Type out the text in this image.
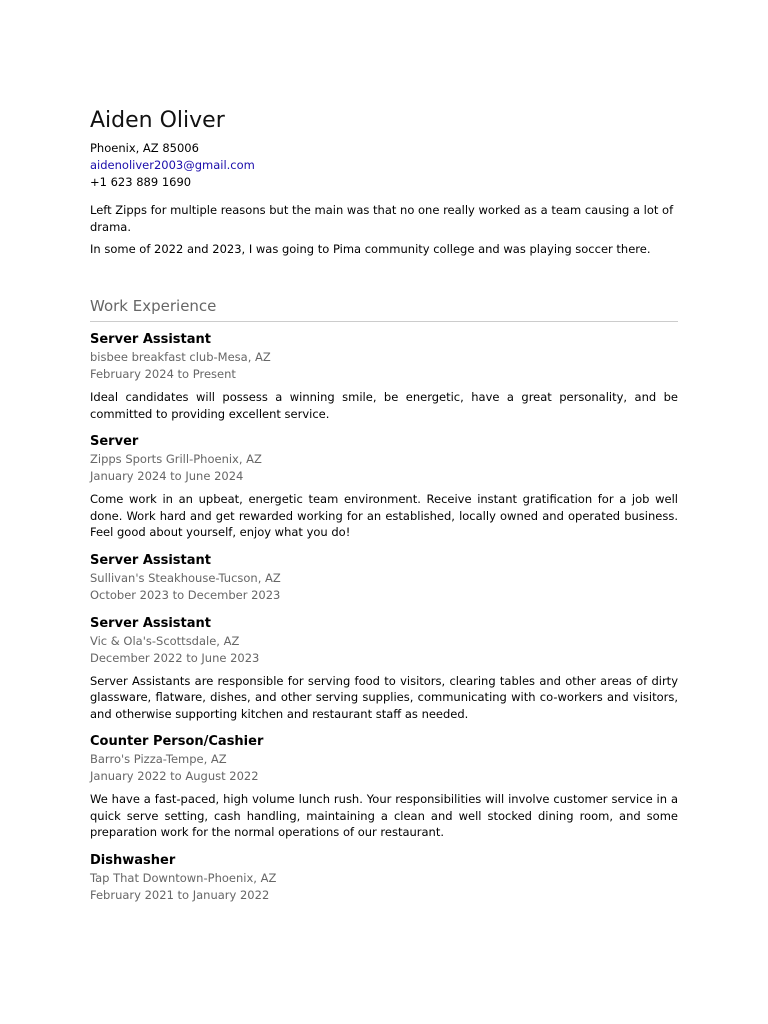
Aiden Oliver
Phoenix, AZ 85006
aidenoliver2003@gmail.com
+1 623 889 1690

Left Zipps for multiple reasons but the main was that no one really worked as a team causing a lot of drama.

In some of 2022 and 2023, I was going to Pima community college and was playing soccer there.

Work Experience
Server Assistant
bisbee breakfast club-Mesa, AZ
February 2024 to Present
Ideal candidates will possess a winning smile, be energetic, have a great personality, and be committed to providing excellent service.
Server
Zipps Sports Grill-Phoenix, AZ
January 2024 to June 2024
Come work in an upbeat, energetic team environment. Receive instant gratification for a job well done. Work hard and get rewarded working for an established, locally owned and operated business. Feel good about yourself, enjoy what you do!
Server Assistant
Sullivan's Steakhouse-Tucson, AZ
October 2023 to December 2023
Server Assistant
Vic & Ola's-Scottsdale, AZ
December 2022 to June 2023
Server Assistants are responsible for serving food to visitors, clearing tables and other areas of dirty glassware, flatware, dishes, and other serving supplies, communicating with co-workers and visitors, and otherwise supporting kitchen and restaurant staff as needed.
Counter Person/Cashier
Barro's Pizza-Tempe, AZ
January 2022 to August 2022
We have a fast-paced, high volume lunch rush. Your responsibilities will involve customer service in a quick serve setting, cash handling, maintaining a clean and well stocked dining room, and some preparation work for the normal operations of our restaurant.
Dishwasher
Tap That Downtown-Phoenix, AZ
February 2021 to January 2022
